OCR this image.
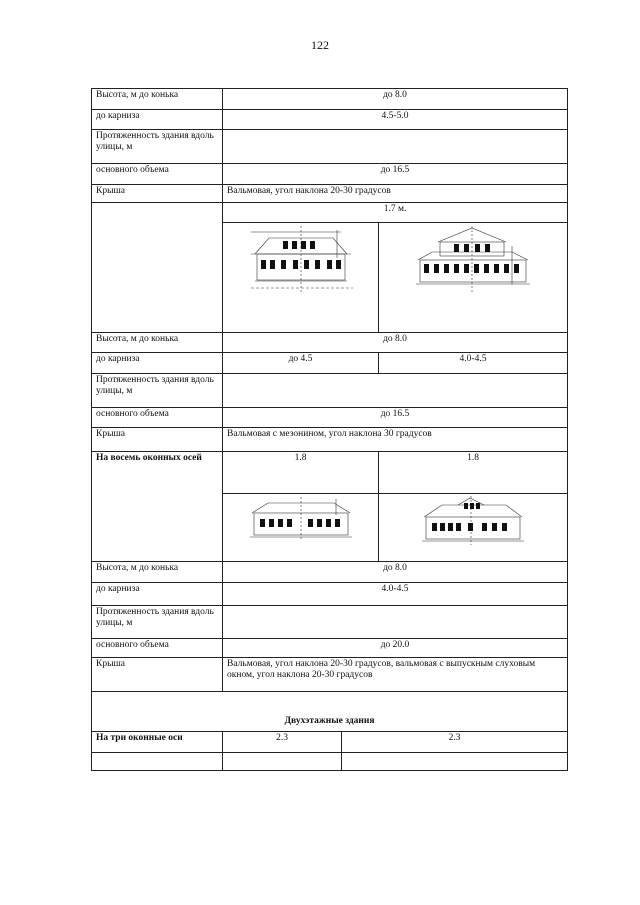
122
Высота, м до конька	до 8.0		
до карниза	4.5-5.0		
Протяженность здания вдоль улицы, м			
основного объема	до 16.5		
Крыша	Вальмовая, угол наклона 20-30 градусов		
	1.7 м.		

Высота, м до конька	до 8.0		
до карниза	до 4.5		4.0-4.5
Протяженность здания вдоль улицы, м			
основного объема	до 16.5		
Крыша	Вальмовая с мезонином, угол наклона 30 градусов		
На восемь оконных осей	1.8		1.8

Высота, м до конька	до 8.0		
до карниза	4.0-4.5		
Протяженность здания вдоль улицы, м			
основного объема	до 20.0		
Крыша	Вальмовая, угол наклона 20-30 градусов, вальмовая с выпускным слуховым окном, угол наклона 20-30 градусов		
Двухэтажные здания			
На три оконные оси	2.3	2.3	
